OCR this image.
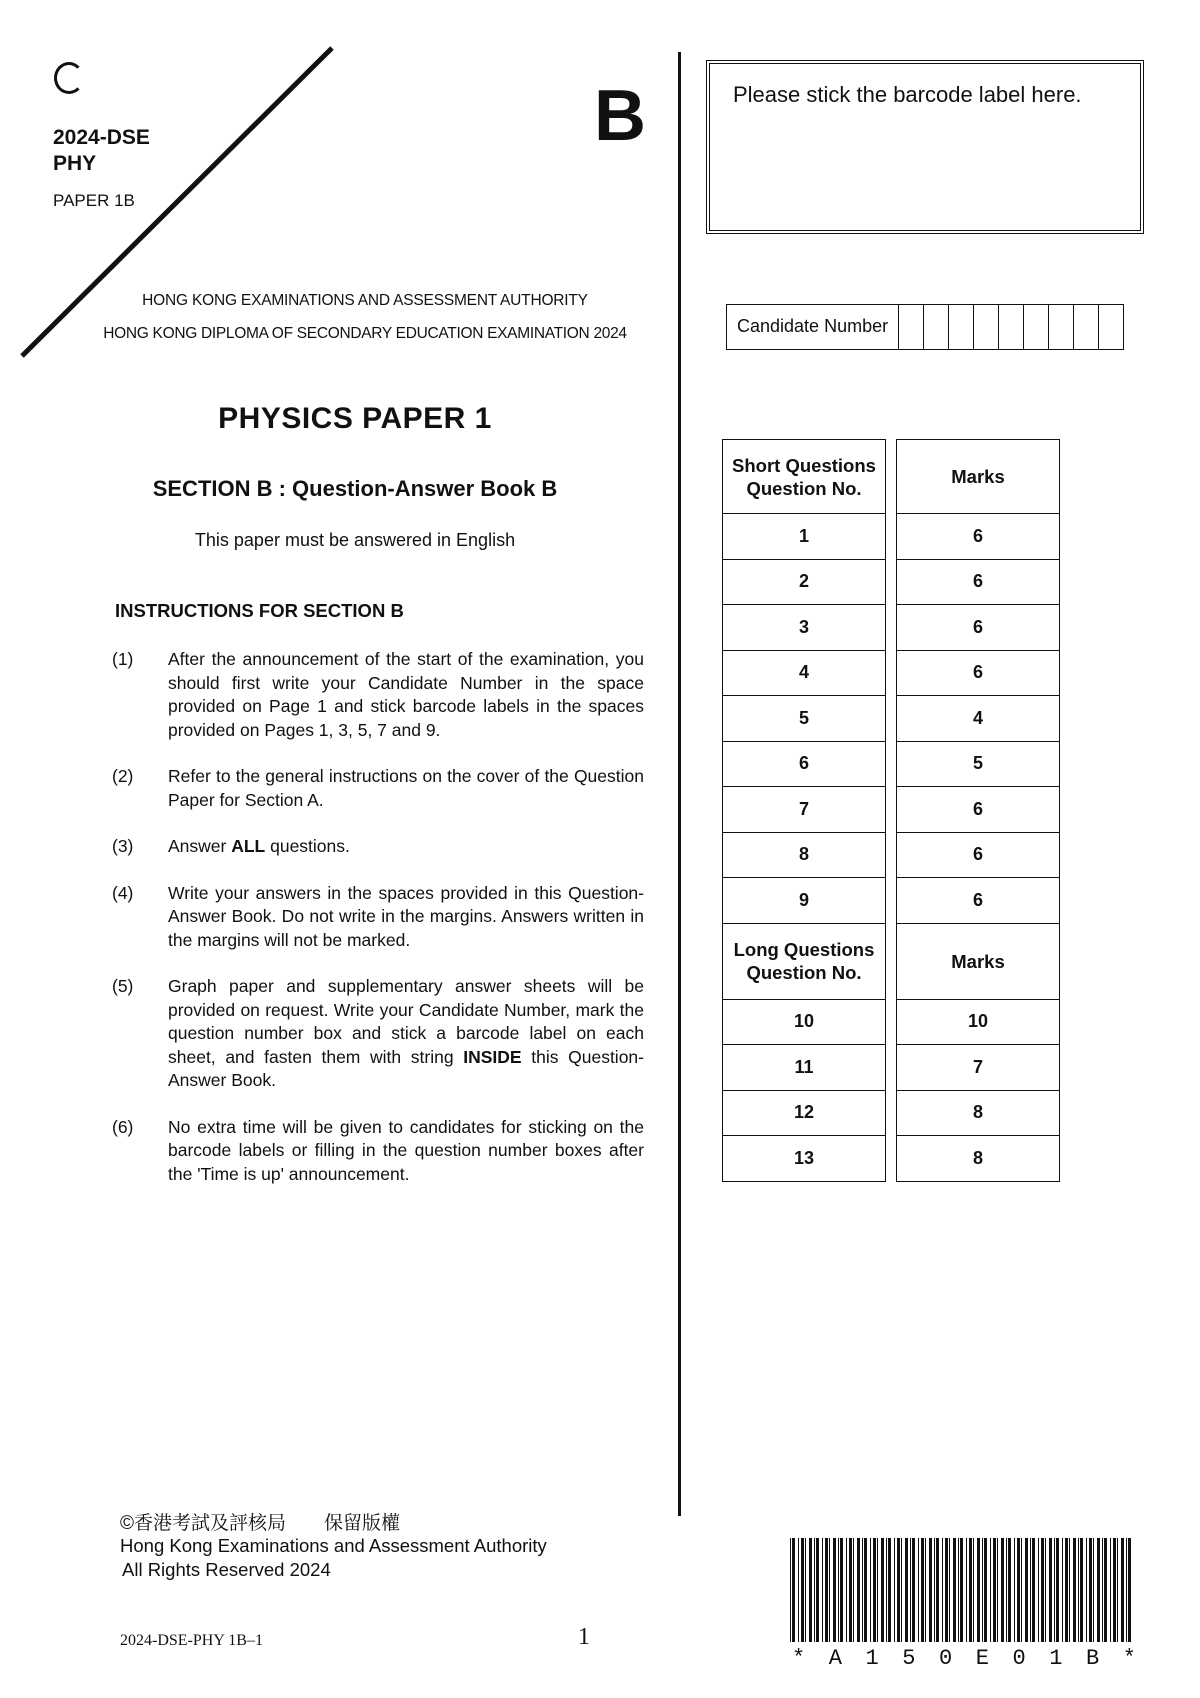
2024-DSE
PHY
PAPER 1B
B
HONG KONG EXAMINATIONS AND ASSESSMENT AUTHORITY
HONG KONG DIPLOMA OF SECONDARY EDUCATION EXAMINATION 2024
PHYSICS PAPER 1
SECTION B : Question-Answer Book B
This paper must be answered in English
INSTRUCTIONS FOR SECTION B
(1)	After the announcement of the start of the examination, you should first write your Candidate Number in the space provided on Page 1 and stick barcode labels in the spaces provided on Pages 1, 3, 5, 7 and 9.
(2)	Refer to the general instructions on the cover of the Question Paper for Section A.
(3)	Answer ALL questions.
(4)	Write your answers in the spaces provided in this Question-Answer Book. Do not write in the margins. Answers written in the margins will not be marked.
(5)	Graph paper and supplementary answer sheets will be provided on request. Write your Candidate Number, mark the question number box and stick a barcode label on each sheet, and fasten them with string INSIDE this Question-Answer Book.
(6)	No extra time will be given to candidates for sticking on the barcode labels or filling in the question number boxes after the 'Time is up' announcement.
Please stick the barcode label here.
Candidate Number
Short Questions
Question No.	Marks
1	6
2	6
3	6
4	6
5	4
6	5
7	6
8	6
9	6

Long Questions
Question No.	Marks
10	10
11	7
12	8
13	8
©香港考試及評核局　　保留版權
Hong Kong Examinations and Assessment Authority
All Rights Reserved 2024
2024-DSE-PHY 1B–1	1
* A 1 5 0 E 0 1 B *
